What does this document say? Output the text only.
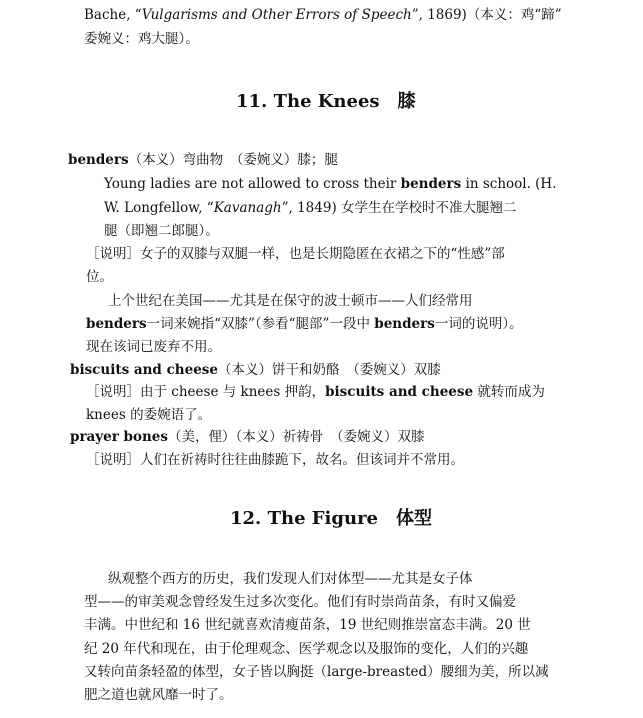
Bache, “Vulgarisms and Other Errors of Speech”, 1869)（本义：鸡“蹄”
委婉义：鸡大腿）。
11. The Knees　膝
benders（本义）弯曲物　（委婉义）膝；腿
Young ladies are not allowed to cross their benders in school. (H.
W. Longfellow, “Kavanagh”, 1849) 女学生在学校时不准大腿翘二
腿（即翘二郎腿）。
［说明］女子的双膝与双腿一样，也是长期隐匿在衣裙之下的“性感”部
位。
上个世纪在美国——尤其是在保守的波士顿市——人们经常用
benders一词来婉指“双膝”（参看“腿部”一段中 benders一词的说明）。
现在该词已废弃不用。
biscuits and cheese（本义）饼干和奶酪　（委婉义）双膝
［说明］由于 cheese 与 knees 押韵，biscuits and cheese 就转而成为
knees 的委婉语了。
prayer bones（美，俚）（本义）祈祷骨　（委婉义）双膝
［说明］人们在祈祷时往往曲膝跪下，故名。但该词并不常用。
12. The Figure　体型
纵观整个西方的历史，我们发现人们对体型——尤其是女子体
型——的审美观念曾经发生过多次变化。他们有时崇尚苗条，有时又偏爱
丰满。中世纪和 16 世纪就喜欢清瘦苗条，19 世纪则推崇富态丰满。20 世
纪 20 年代和现在，由于伦理观念、医学观念以及服饰的变化，人们的兴趣
又转向苗条轻盈的体型，女子皆以胸挺（large-breasted）腰细为美，所以减
肥之道也就风靡一时了。
